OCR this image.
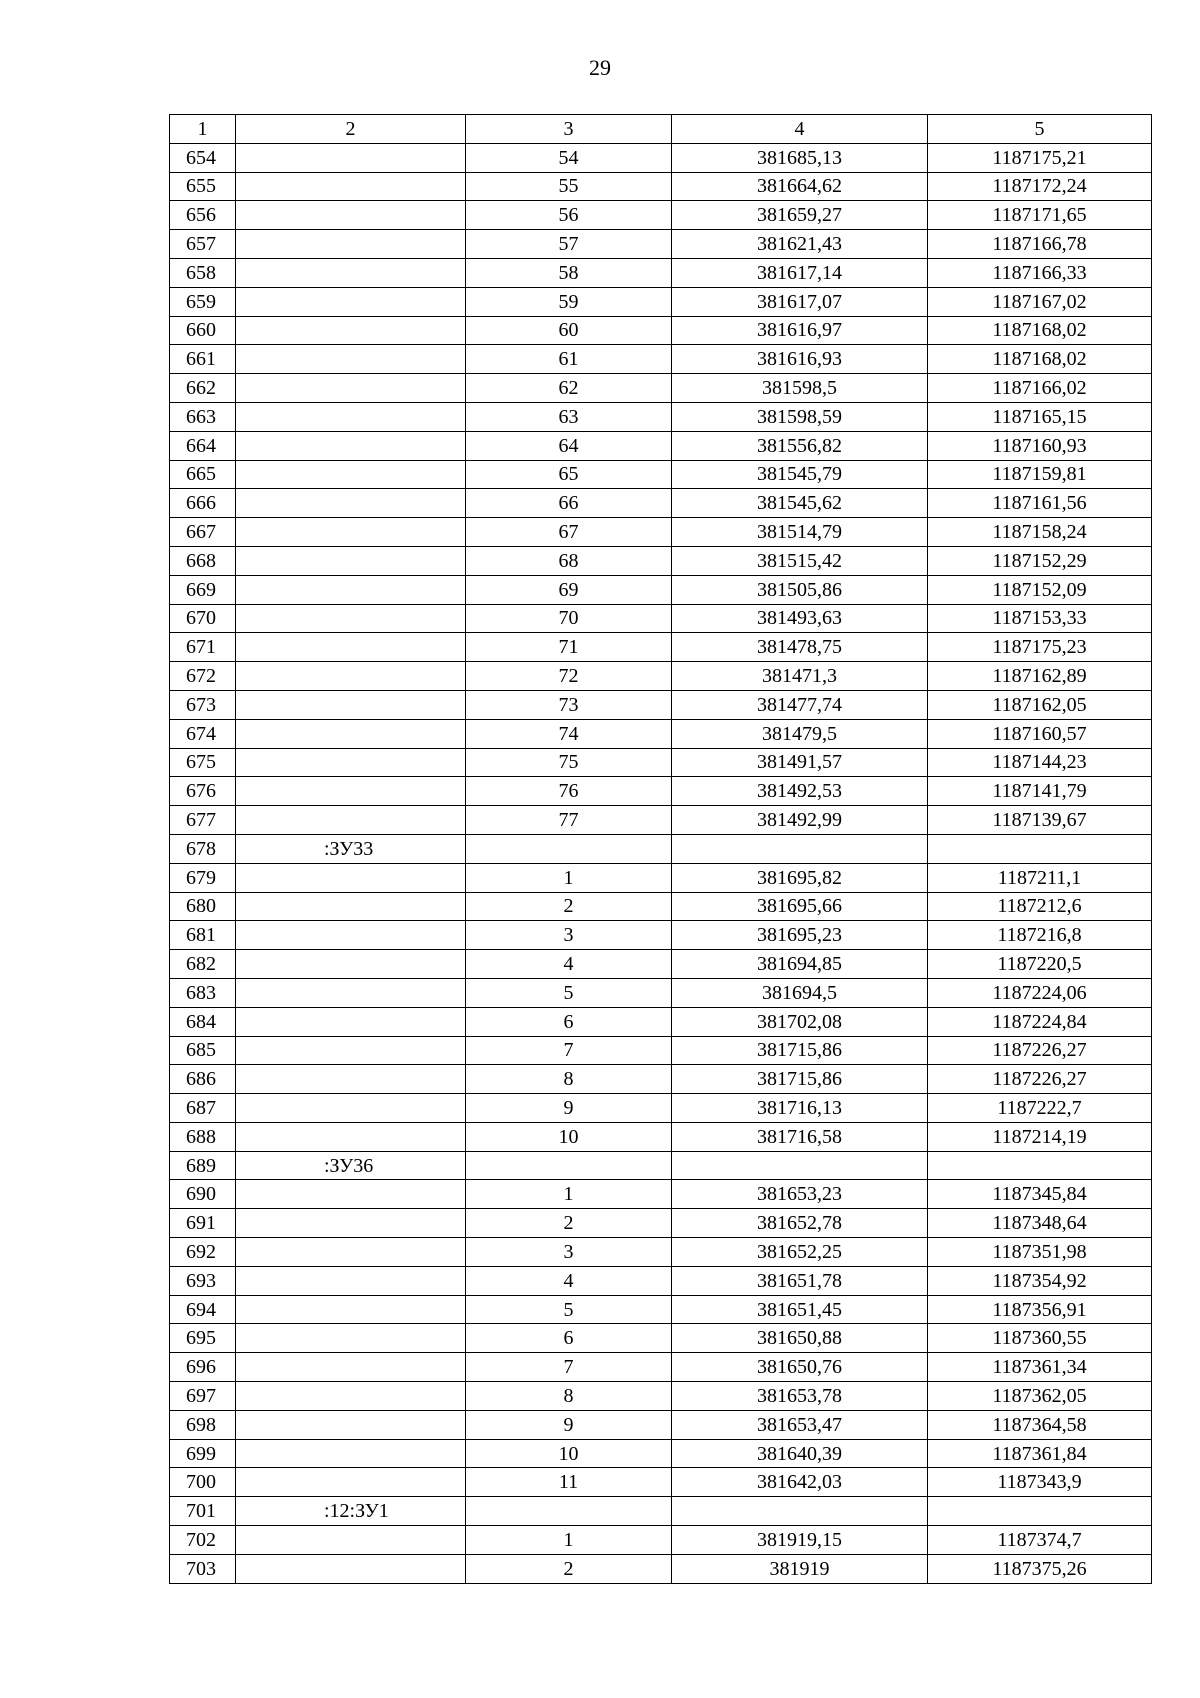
29
1	2	3	4	5
654		54	381685,13	1187175,21
655		55	381664,62	1187172,24
656		56	381659,27	1187171,65
657		57	381621,43	1187166,78
658		58	381617,14	1187166,33
659		59	381617,07	1187167,02
660		60	381616,97	1187168,02
661		61	381616,93	1187168,02
662		62	381598,5	1187166,02
663		63	381598,59	1187165,15
664		64	381556,82	1187160,93
665		65	381545,79	1187159,81
666		66	381545,62	1187161,56
667		67	381514,79	1187158,24
668		68	381515,42	1187152,29
669		69	381505,86	1187152,09
670		70	381493,63	1187153,33
671		71	381478,75	1187175,23
672		72	381471,3	1187162,89
673		73	381477,74	1187162,05
674		74	381479,5	1187160,57
675		75	381491,57	1187144,23
676		76	381492,53	1187141,79
677		77	381492,99	1187139,67
678	:ЗУ33			
679		1	381695,82	1187211,1
680		2	381695,66	1187212,6
681		3	381695,23	1187216,8
682		4	381694,85	1187220,5
683		5	381694,5	1187224,06
684		6	381702,08	1187224,84
685		7	381715,86	1187226,27
686		8	381715,86	1187226,27
687		9	381716,13	1187222,7
688		10	381716,58	1187214,19
689	:ЗУ36			
690		1	381653,23	1187345,84
691		2	381652,78	1187348,64
692		3	381652,25	1187351,98
693		4	381651,78	1187354,92
694		5	381651,45	1187356,91
695		6	381650,88	1187360,55
696		7	381650,76	1187361,34
697		8	381653,78	1187362,05
698		9	381653,47	1187364,58
699		10	381640,39	1187361,84
700		11	381642,03	1187343,9
701	:12:ЗУ1			
702		1	381919,15	1187374,7
703		2	381919	1187375,26
